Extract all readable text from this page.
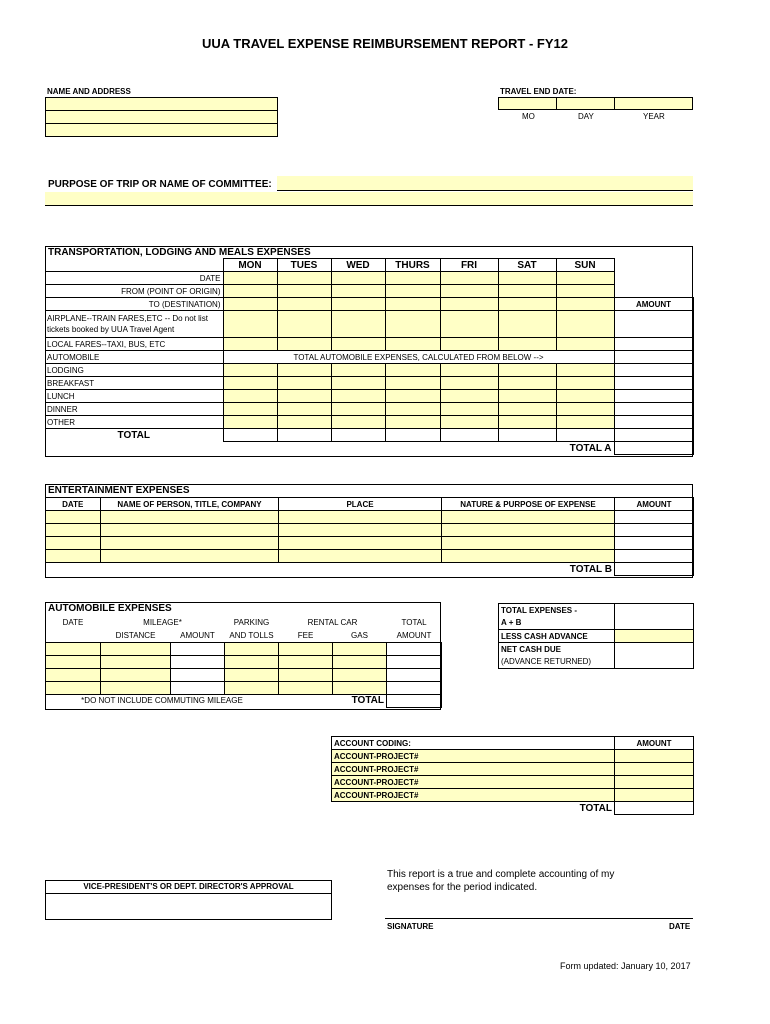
UUA TRAVEL EXPENSE REIMBURSEMENT REPORT - FY12
NAME AND ADDRESS	TRAVEL END DATE:
MO	DAY	YEAR
PURPOSE OF TRIP OR NAME OF COMMITTEE:
TRANSPORTATION, LODGING AND MEALS EXPENSES
	MON	TUES	WED	THURS	FRI	SAT	SUN	
DATE								
FROM (POINT OF ORIGIN)								
TO (DESTINATION)								AMOUNT
AIRPLANE--TRAIN FARES,ETC -- Do not list
tickets booked by UUA Travel Agent								
LOCAL FARES--TAXI, BUS, ETC								
AUTOMOBILE	TOTAL AUTOMOBILE EXPENSES, CALCULATED FROM BELOW -->							
LODGING								
BREAKFAST								
LUNCH								
DINNER								
OTHER								
TOTAL								
TOTAL A								
ENTERTAINMENT EXPENSES
DATE	NAME OF PERSON, TITLE, COMPANY	PLACE	NATURE & PURPOSE OF EXPENSE	AMOUNT

TOTAL B				
AUTOMOBILE EXPENSES
DATE	MILEAGE*		PARKING	RENTAL CAR		TOTAL
	DISTANCE	AMOUNT	AND TOLLS	FEE	GAS	AMOUNT

*DO NOT INCLUDE COMMUTING MILEAGE				TOTAL		
TOTAL EXPENSES -	
A + B	
LESS CASH ADVANCE	
NET CASH DUE	
(ADVANCE RETURNED)	
ACCOUNT CODING:	AMOUNT
ACCOUNT-PROJECT#	
ACCOUNT-PROJECT#	
ACCOUNT-PROJECT#	
ACCOUNT-PROJECT#	
TOTAL	
VICE-PRESIDENT'S OR DEPT. DIRECTOR'S APPROVAL
This report is a true and complete accounting of my
expenses for the period indicated.
SIGNATURE	DATE
Form updated: January 10, 2017
